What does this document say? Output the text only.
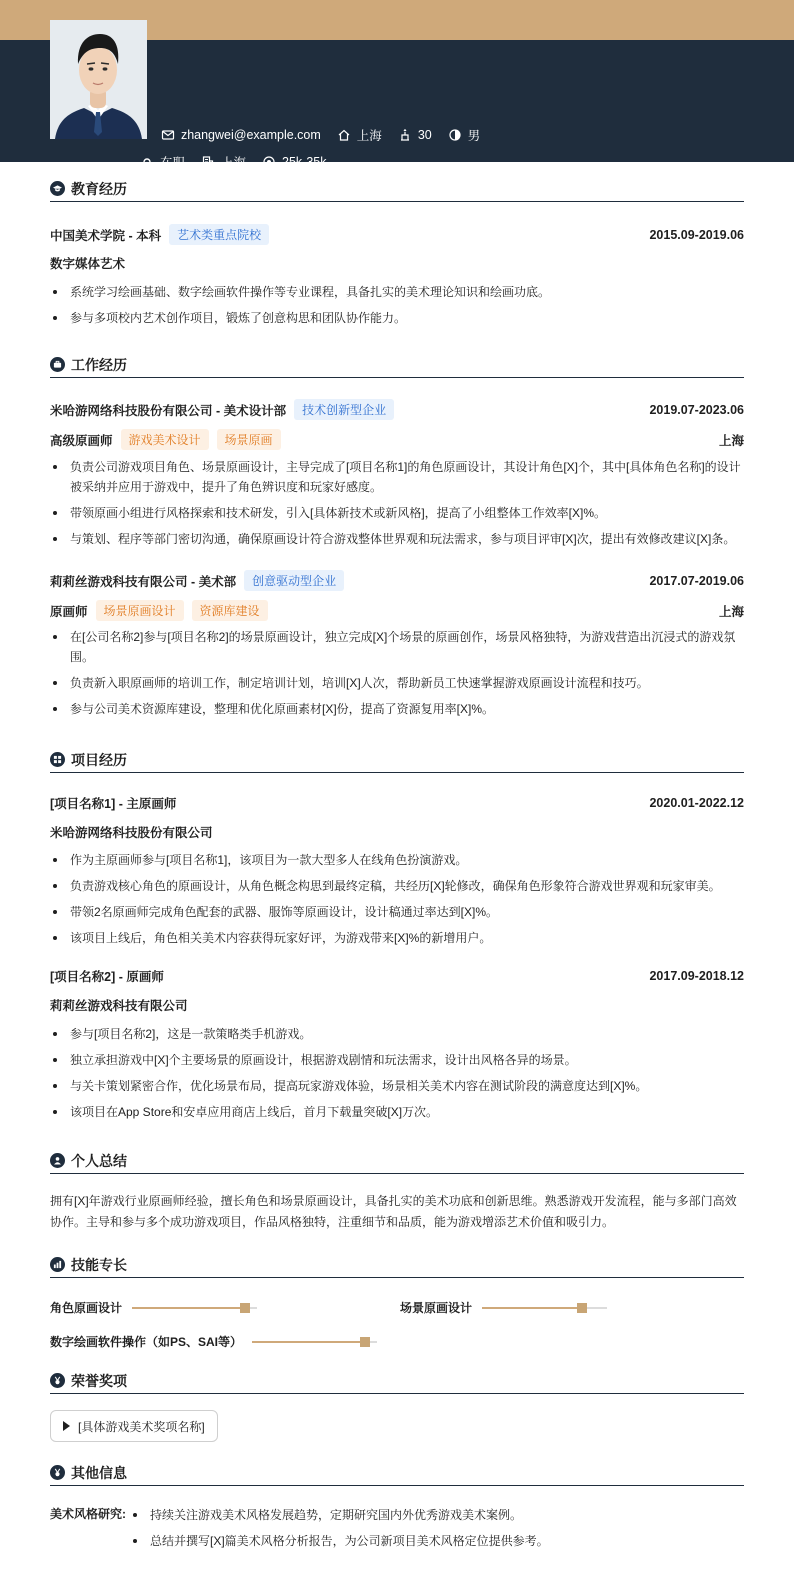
zhangwei@example.com	上海	30	男
在职	上海	25k-35k
教育经历
中国美术学院 - 本科	艺术类重点院校	2015.09-2019.06
数字媒体艺术
系统学习绘画基础、数字绘画软件操作等专业课程，具备扎实的美术理论知识和绘画功底。
参与多项校内艺术创作项目，锻炼了创意构思和团队协作能力。
工作经历
米哈游网络科技股份有限公司 - 美术设计部	技术创新型企业	2019.07-2023.06
高级原画师	游戏美术设计	场景原画	上海
负责公司游戏项目角色、场景原画设计，主导完成了[项目名称1]的角色原画设计，其设计角色[X]个，其中[具体角色名称]的设计被采纳并应用于游戏中，提升了角色辨识度和玩家好感度。
带领原画小组进行风格探索和技术研发，引入[具体新技术或新风格]，提高了小组整体工作效率[X]%。
与策划、程序等部门密切沟通，确保原画设计符合游戏整体世界观和玩法需求，参与项目评审[X]次，提出有效修改建议[X]条。
莉莉丝游戏科技有限公司 - 美术部	创意驱动型企业	2017.07-2019.06
原画师	场景原画设计	资源库建设	上海
在[公司名称2]参与[项目名称2]的场景原画设计，独立完成[X]个场景的原画创作，场景风格独特，为游戏营造出沉浸式的游戏氛围。
负责新入职原画师的培训工作，制定培训计划，培训[X]人次，帮助新员工快速掌握游戏原画设计流程和技巧。
参与公司美术资源库建设，整理和优化原画素材[X]份，提高了资源复用率[X]%。
项目经历
[项目名称1] - 主原画师	2020.01-2022.12
米哈游网络科技股份有限公司
作为主原画师参与[项目名称1]，该项目为一款大型多人在线角色扮演游戏。
负责游戏核心角色的原画设计，从角色概念构思到最终定稿，共经历[X]轮修改，确保角色形象符合游戏世界观和玩家审美。
带领2名原画师完成角色配套的武器、服饰等原画设计，设计稿通过率达到[X]%。
该项目上线后，角色相关美术内容获得玩家好评，为游戏带来[X]%的新增用户。
[项目名称2] - 原画师	2017.09-2018.12
莉莉丝游戏科技有限公司
参与[项目名称2]，这是一款策略类手机游戏。
独立承担游戏中[X]个主要场景的原画设计，根据游戏剧情和玩法需求，设计出风格各异的场景。
与关卡策划紧密合作，优化场景布局，提高玩家游戏体验，场景相关美术内容在测试阶段的满意度达到[X]%。
该项目在App Store和安卓应用商店上线后，首月下载量突破[X]万次。
个人总结
拥有[X]年游戏行业原画师经验，擅长角色和场景原画设计，具备扎实的美术功底和创新思维。熟悉游戏开发流程，能与多部门高效协作。主导和参与多个成功游戏项目，作品风格独特，注重细节和品质，能为游戏增添艺术价值和吸引力。
技能专长
角色原画设计	场景原画设计
数字绘画软件操作（如PS、SAI等）
荣誉奖项
[具体游戏美术奖项名称]
其他信息
美术风格研究:	持续关注游戏美术风格发展趋势，定期研究国内外优秀游戏美术案例。
总结并撰写[X]篇美术风格分析报告，为公司新项目美术风格定位提供参考。
